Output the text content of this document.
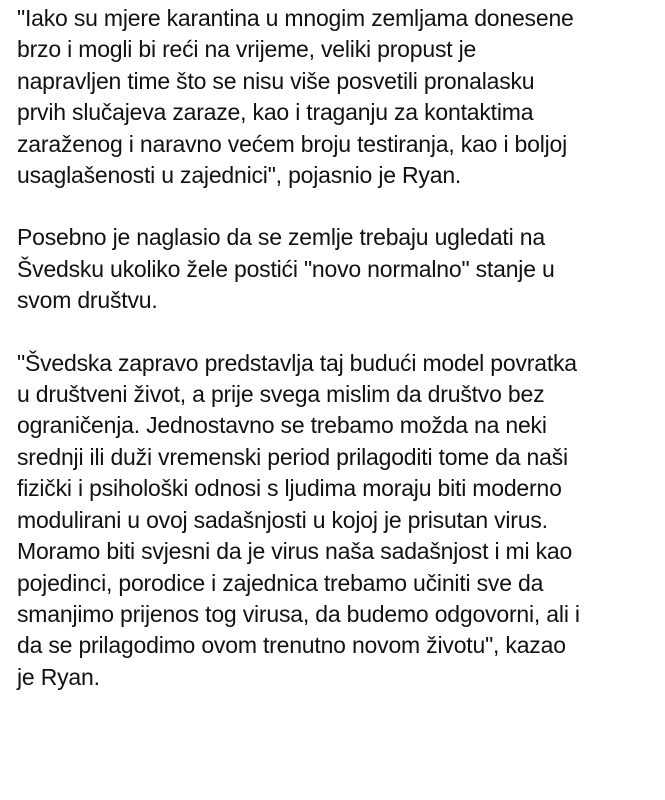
"Iako su mjere karantina u mnogim zemljama donesene
brzo i mogli bi reći na vrijeme, veliki propust je
napravljen time što se nisu više posvetili pronalasku
prvih slučajeva zaraze, kao i traganju za kontaktima
zaraženog i naravno većem broju testiranja, kao i boljoj
usaglašenosti u zajednici", pojasnio je Ryan.

Posebno je naglasio da se zemlje trebaju ugledati na
Švedsku ukoliko žele postići "novo normalno" stanje u
svom društvu.

"Švedska zapravo predstavlja taj budući model povratka
u društveni život, a prije svega mislim da društvo bez
ograničenja. Jednostavno se trebamo možda na neki
srednji ili duži vremenski period prilagoditi tome da naši
fizički i psihološki odnosi s ljudima moraju biti moderno
modulirani u ovoj sadašnjosti u kojoj je prisutan virus.
Moramo biti svjesni da je virus naša sadašnjost i mi kao
pojedinci, porodice i zajednica trebamo učiniti sve da
smanjimo prijenos tog virusa, da budemo odgovorni, ali i
da se prilagodimo ovom trenutno novom životu", kazao
je Ryan.
